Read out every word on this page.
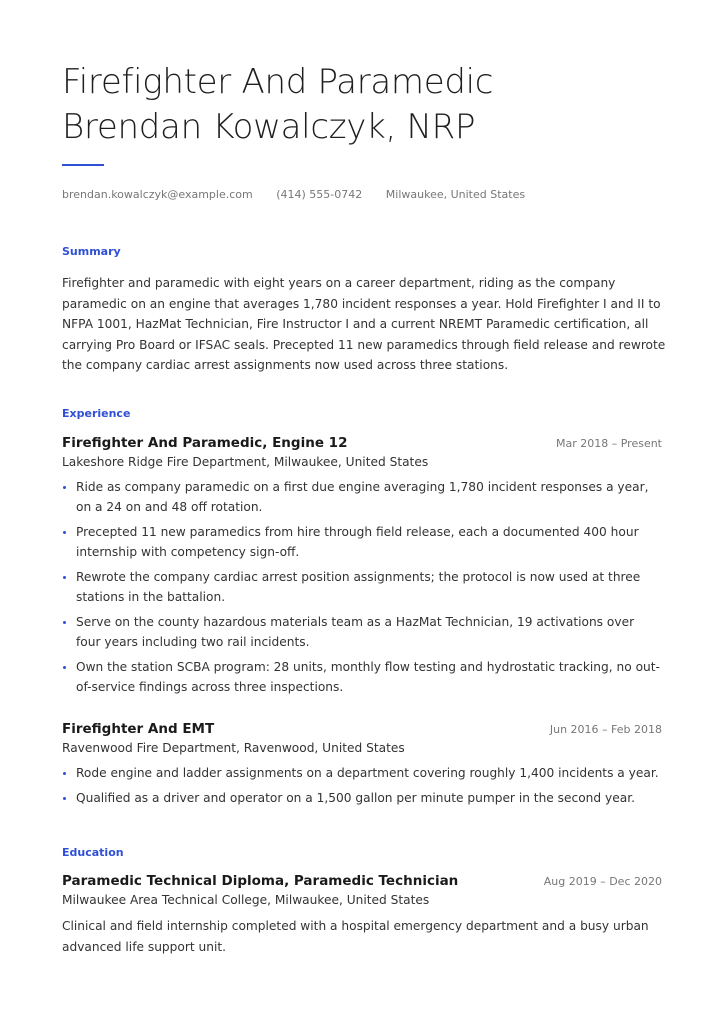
Firefighter And Paramedic
Brendan Kowalczyk, NRP
brendan.kowalczyk@example.com (414) 555-0742 Milwaukee, United States
Summary
Firefighter and paramedic with eight years on a career department, riding as the company paramedic on an engine that averages 1,780 incident responses a year. Hold Firefighter I and II to NFPA 1001, HazMat Technician, Fire Instructor I and a current NREMT Paramedic certification, all carrying Pro Board or IFSAC seals. Precepted 11 new paramedics through field release and rewrote the company cardiac arrest assignments now used across three stations.
Experience
Firefighter And Paramedic, Engine 12	Mar 2018 – Present
Lakeshore Ridge Fire Department, Milwaukee, United States
Ride as company paramedic on a first due engine averaging 1,780 incident responses a year, on a 24 on and 48 off rotation.
Precepted 11 new paramedics from hire through field release, each a documented 400 hour internship with competency sign-off.
Rewrote the company cardiac arrest position assignments; the protocol is now used at three stations in the battalion.
Serve on the county hazardous materials team as a HazMat Technician, 19 activations over four years including two rail incidents.
Own the station SCBA program: 28 units, monthly flow testing and hydrostatic tracking, no out-of-service findings across three inspections.
Firefighter And EMT	Jun 2016 – Feb 2018
Ravenwood Fire Department, Ravenwood, United States
Rode engine and ladder assignments on a department covering roughly 1,400 incidents a year.
Qualified as a driver and operator on a 1,500 gallon per minute pumper in the second year.
Education
Paramedic Technical Diploma, Paramedic Technician	Aug 2019 – Dec 2020
Milwaukee Area Technical College, Milwaukee, United States
Clinical and field internship completed with a hospital emergency department and a busy urban advanced life support unit.
